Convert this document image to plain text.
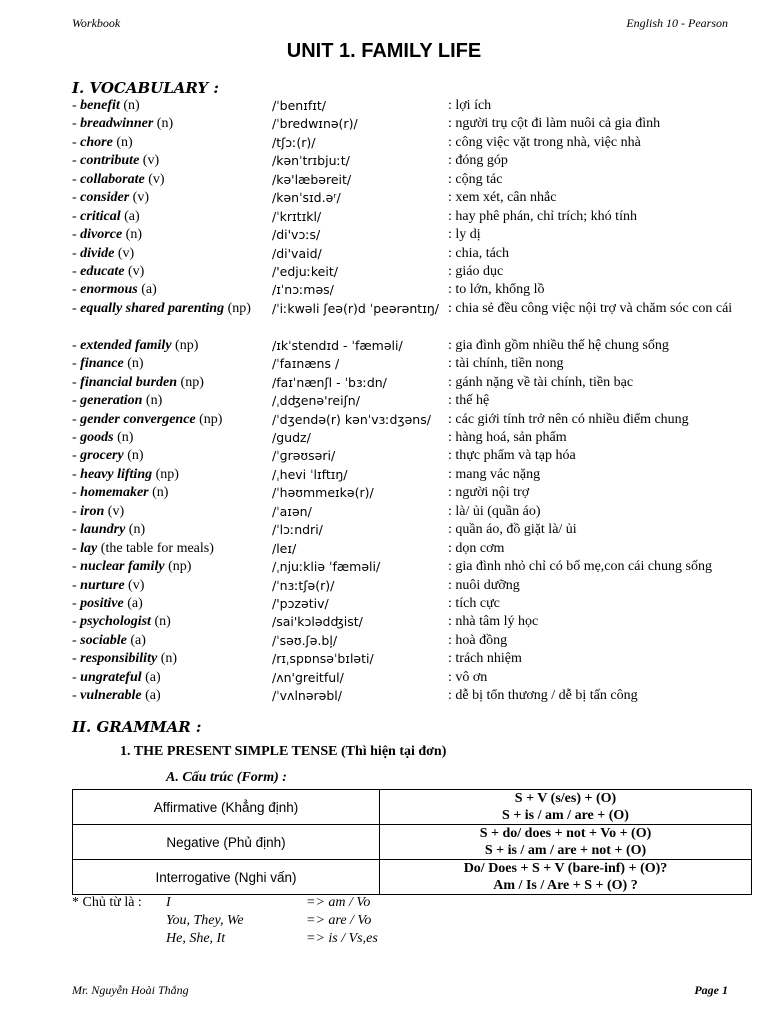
Workbook	English 10 - Pearson
UNIT 1. FAMILY LIFE
I. VOCABULARY :
- benefit (n)	/ˈbenɪfɪt/	: lợi ích
- breadwinner (n)	/ˈbredwɪnə(r)/	: người trụ cột đi làm nuôi cả gia đình
- chore (n)	/tʃɔː(r)/	: công việc vặt trong nhà, việc nhà
- contribute (v)	/kənˈtrɪbjuːt/	: đóng góp
- collaborate (v)	/kə'læbəreit/	: cộng tác
- consider (v)	/kənˈsɪd.əʳ/	: xem xét, cân nhắc
- critical (a)	/ˈkrɪtɪkl/	: hay phê phán, chỉ trích; khó tính
- divorce (n)	/di'vɔːs/	: ly dị
- divide (v)	/di'vaid/	: chia, tách
- educate (v)	/'edjuːkeit/	: giáo dục
- enormous (a)	/ɪˈnɔːməs/	: to lớn, khổng lồ
- equally shared parenting (np)	/ˈiːkwəli ʃeə(r)d ˈpeərəntɪŋ/ : chia sẻ đều công việc nội trợ và chăm sóc con cái
- extended family (np)	/ɪkˈstendɪd - ˈfæməli/	: gia đình gồm nhiều thế hệ chung sống
- finance (n)	/ˈfaɪnæns /	: tài chính, tiền nong
- financial burden (np)	/faɪˈnænʃl - ˈbɜːdn/	: gánh nặng về tài chính, tiền bạc
- generation (n)	/ˌdʤenə'reiʃn/	: thế hệ
- gender convergence (np)	/ˈdʒendə(r) kənˈvɜːdʒəns/	: các giới tính trở nên có nhiều điểm chung
- goods (n)	/gudz/	: hàng hoá, sản phẩm
- grocery (n)	/ˈɡrəʊsəri/	: thực phẩm và tạp hóa
- heavy lifting (np)	/ˌhevi ˈlɪftɪŋ/	: mang vác nặng
- homemaker (n)	/ˈhəʊmmeɪkə(r)/	: người nội trợ
- iron (v)	/ˈaɪən/	: là/ ủi (quần áo)
- laundry (n)	/ˈlɔːndri/	: quần áo, đồ giặt là/ ủi
- lay (the table for meals)	/leɪ/	: dọn cơm
- nuclear family (np)	/ˌnjuːkliə ˈfæməli/	: gia đình nhỏ chỉ có bố mẹ,con cái chung sống
- nurture (v)	/ˈnɜːtʃə(r)/	: nuôi dưỡng
- positive (a)	/'pɔzətiv/	: tích cực
- psychologist (n)	/sai'kɔlədʤist/	: nhà tâm lý học
- sociable (a)	/ˈsəʊ.ʃə.bļ/	: hoà đồng
- responsibility (n)	/rɪˌspɒnsəˈbɪləti/	: trách nhiệm
- ungrateful (a)	/ʌn'greitful/	: vô ơn
- vulnerable (a)	/ˈvʌlnərəbl/	: dễ bị tổn thương / dễ bị tấn công
II. GRAMMAR :
1. THE PRESENT SIMPLE TENSE (Thì hiện tại đơn)
A. Cấu trúc (Form) :
Affirmative (Khẳng định)	S + V (s/es) + (O)
S + is / am / are + (O)
Negative (Phủ định)	S + do/ does + not + Vo + (O)
S + is / am / are + not + (O)
Interrogative (Nghi vấn)	Do/ Does + S + V (bare-inf) + (O)?
Am / Is / Are + S + (O) ?
* Chủ từ là :	I	=> am / Vo
You, They, We	=> are / Vo
He, She, It	=> is / Vs,es
Mr. Nguyễn Hoài Thắng	Page 1
